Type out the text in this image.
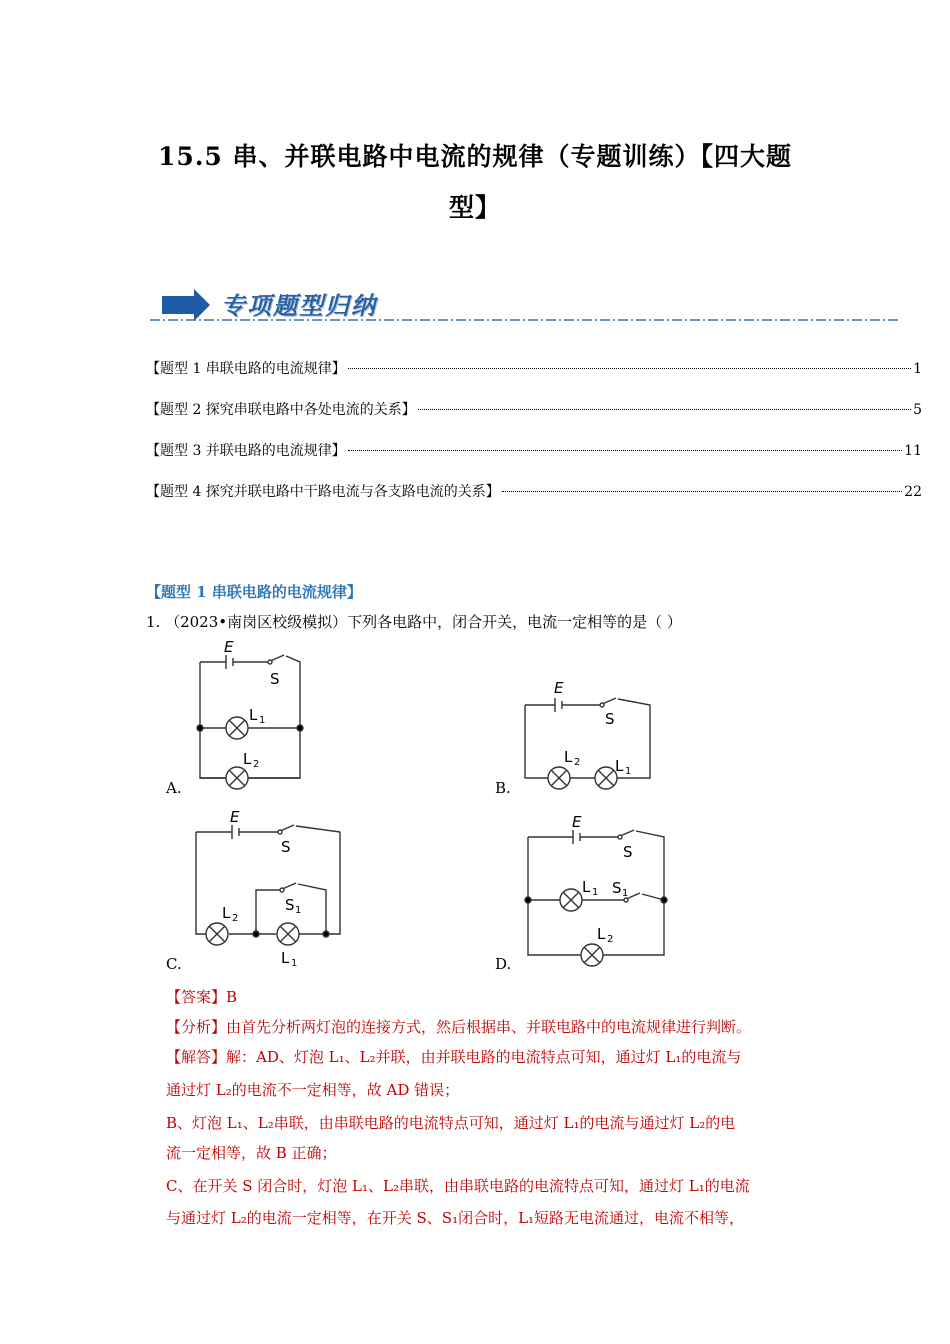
15.5 串、并联电路中电流的规律（专题训练）【四大题
型】
专项题型归纳
【题型 1 串联电路的电流规律】	1
【题型 2 探究串联电路中各处电流的关系】	5
【题型 3 并联电路的电流规律】	11
【题型 4 探究并联电路中干路电流与各支路电流的关系】	22
【题型 1 串联电路的电流规律】
1. （2023•南岗区校级模拟）下列各电路中，闭合开关，电流一定相等的是（ ）
E
S
L 1
L 2
E
S
L 2 L 1
E
S
S 1
L 2
L 1
E
S
L 1 S 1
L 2
A.	B.
C.	D.
【答案】B
【分析】由首先分析两灯泡的连接方式，然后根据串、并联电路中的电流规律进行判断。
【解答】解：AD、灯泡 L₁、L₂并联，由并联电路的电流特点可知，通过灯 L₁的电流与
通过灯 L₂的电流不一定相等，故 AD 错误；
B、灯泡 L₁、L₂串联，由串联电路的电流特点可知，通过灯 L₁的电流与通过灯 L₂的电
流一定相等，故 B 正确；
C、在开关 S 闭合时，灯泡 L₁、L₂串联，由串联电路的电流特点可知，通过灯 L₁的电流
与通过灯 L₂的电流一定相等，在开关 S、S₁闭合时，L₁短路无电流通过，电流不相等，
